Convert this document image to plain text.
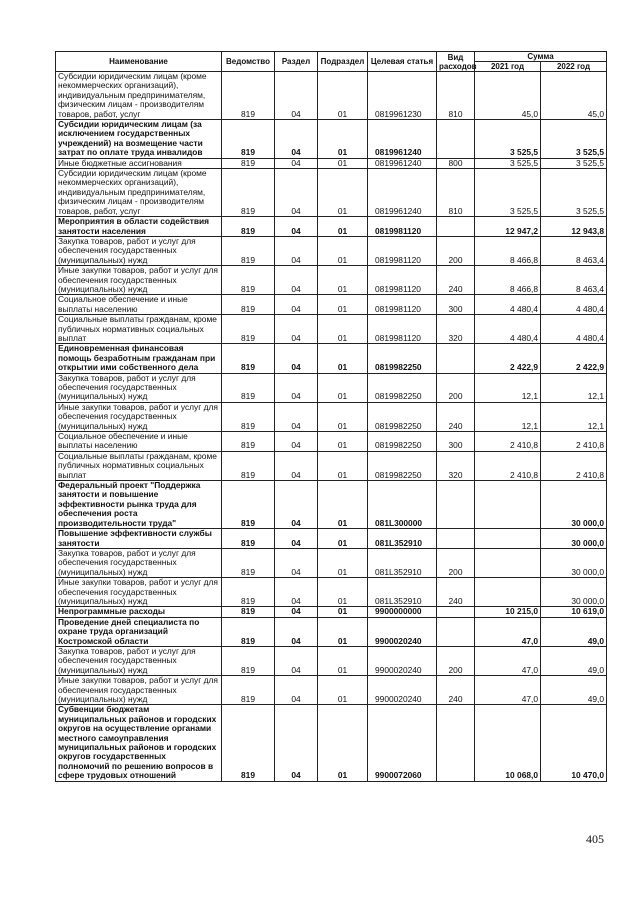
Наименование	Ведомство	Раздел	Подраздел	Целевая статья	Вид расходов	Сумма	
						2021 год	2022 год
Субсидии юридическим лицам (кроме некоммерческих организаций), индивидуальным предпринимателям, физическим лицам - производителям товаров, работ, услуг	819	04	01	0819961230	810	45,0	45,0
Субсидии юридическим лицам (за исключением государственных учреждений) на возмещение части затрат по оплате труда инвалидов	819	04	01	0819961240		3 525,5	3 525,5
Иные бюджетные ассигнования	819	04	01	0819961240	800	3 525,5	3 525,5
Субсидии юридическим лицам (кроме некоммерческих организаций), индивидуальным предпринимателям, физическим лицам - производителям товаров, работ, услуг	819	04	01	0819961240	810	3 525,5	3 525,5
Мероприятия в области содействия занятости населения	819	04	01	0819981120		12 947,2	12 943,8
Закупка товаров, работ и услуг для обеспечения государственных (муниципальных) нужд	819	04	01	0819981120	200	8 466,8	8 463,4
Иные закупки товаров, работ и услуг для обеспечения государственных (муниципальных) нужд	819	04	01	0819981120	240	8 466,8	8 463,4
Социальное обеспечение и иные выплаты населению	819	04	01	0819981120	300	4 480,4	4 480,4
Социальные выплаты гражданам, кроме публичных нормативных социальных выплат	819	04	01	0819981120	320	4 480,4	4 480,4
Единовременная финансовая помощь безработным гражданам при открытии ими собственного дела	819	04	01	0819982250		2 422,9	2 422,9
Закупка товаров, работ и услуг для обеспечения государственных (муниципальных) нужд	819	04	01	0819982250	200	12,1	12,1
Иные закупки товаров, работ и услуг для обеспечения государственных (муниципальных) нужд	819	04	01	0819982250	240	12,1	12,1
Социальное обеспечение и иные выплаты населению	819	04	01	0819982250	300	2 410,8	2 410,8
Социальные выплаты гражданам, кроме публичных нормативных социальных выплат	819	04	01	0819982250	320	2 410,8	2 410,8
Федеральный проект "Поддержка занятости и повышение эффективности рынка труда для обеспечения роста производительности труда"	819	04	01	081L300000			30 000,0
Повышение эффективности службы занятости	819	04	01	081L352910			30 000,0
Закупка товаров, работ и услуг для обеспечения государственных (муниципальных) нужд	819	04	01	081L352910	200		30 000,0
Иные закупки товаров, работ и услуг для обеспечения государственных (муниципальных) нужд	819	04	01	081L352910	240		30 000,0
Непрограммные расходы	819	04	01	9900000000		10 215,0	10 619,0
Проведение дней специалиста по охране труда организаций Костромской области	819	04	01	9900020240		47,0	49,0
Закупка товаров, работ и услуг для обеспечения государственных (муниципальных) нужд	819	04	01	9900020240	200	47,0	49,0
Иные закупки товаров, работ и услуг для обеспечения государственных (муниципальных) нужд	819	04	01	9900020240	240	47,0	49,0
Субвенции бюджетам муниципальных районов и городских округов на осуществление органами местного самоуправления муниципальных районов и городских округов государственных полномочий по решению вопросов в сфере трудовых отношений	819	04	01	9900072060		10 068,0	10 470,0
405
